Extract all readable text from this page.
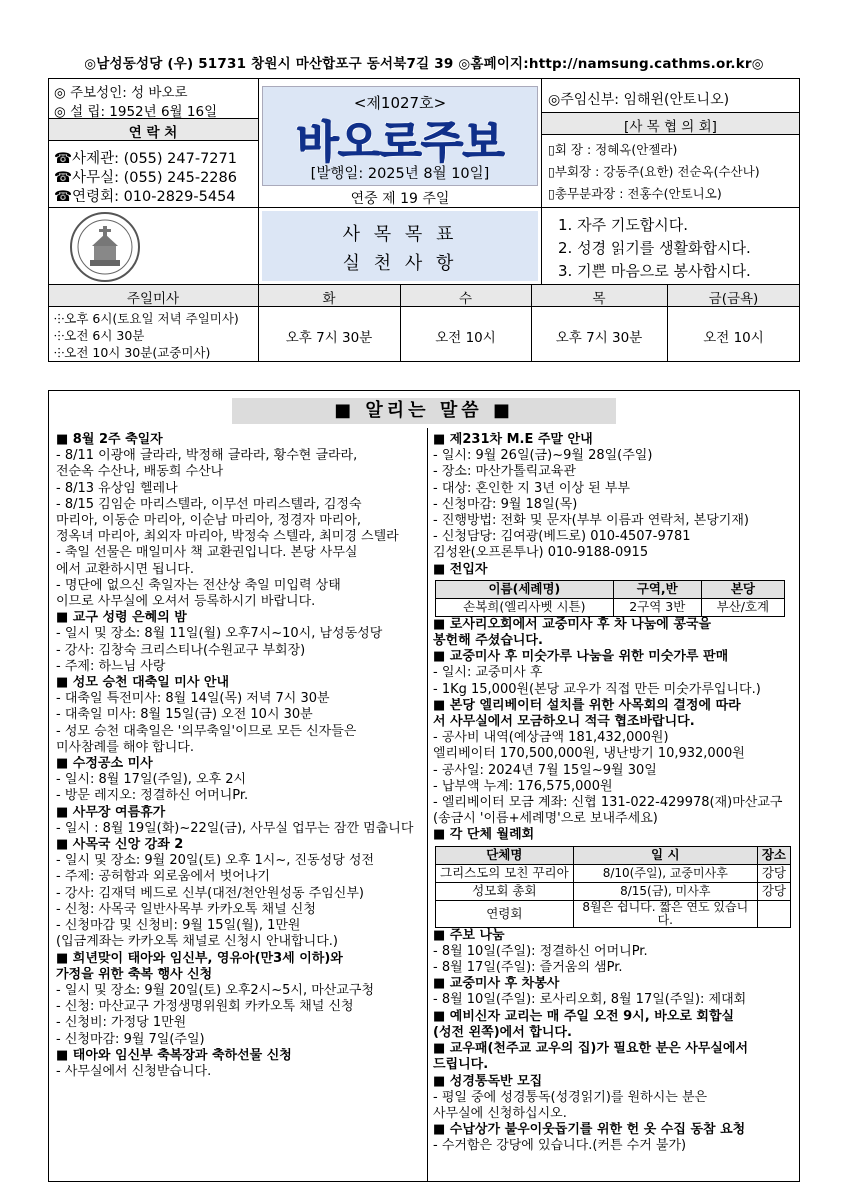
◎남성동성당 (우) 51731 창원시 마산합포구 동서북7길 39 ◎홈페이지:http://namsung.cathms.or.kr◎
◎ 주보성인: 성 바오로
◎ 설 립: 1952년 6월 16일
연 락 처
☎사제관: (055) 247-7271
☎사무실: (055) 245-2286
☎연령회: 010-2829-5454
<제1027호>
바오로주보
[발행일: 2025년 8월 10일]
연중 제 19 주일
◎주임신부: 임해윈(안토니오)
[사 목 협 의 회]
▯회 장 : 정혜옥(안젤라)
▯부회장 : 강동주(요한) 전순옥(수산나)
▯총무분과장 : 전홍수(안토니오)
사 목 목 표
실 천 사 항
1. 자주 기도합시다.
2. 성경 읽기를 생활화합시다.
3. 기쁜 마음으로 봉사합시다.
주일미사	화	수	목	금(금욕)
⸭오후 6시(토요일 저녁 주일미사)
⸭오전 6시 30분
⸭오전 10시 30분(교중미사)
오후 7시 30분	오전 10시	오후 7시 30분	오전 10시
■ 알리는 말씀 ■
■ 8월 2주 축일자
- 8/11 이광애 글라라, 박정해 글라라, 황수현 글라라,
전순옥 수산나, 배동희 수산나
- 8/13 유상임 헬레나
- 8/15 김임순 마리스텔라, 이무선 마리스텔라, 김정숙
마리아, 이동순 마리아, 이순남 마리아, 정경자 마리아,
정옥녀 마리아, 최외자 마리아, 박정숙 스텔라, 최미경 스텔라
- 축일 선물은 매일미사 책 교환권입니다. 본당 사무실
에서 교환하시면 됩니다.
- 명단에 없으신 축일자는 전산상 축일 미입력 상태
이므로 사무실에 오셔서 등록하시기 바랍니다.
■ 교구 성령 은혜의 밤
- 일시 및 장소: 8월 11일(월) 오후7시~10시, 남성동성당
- 강사: 김창숙 크리스티나(수원교구 부회장)
- 주제: 하느님 사랑
■ 성모 승천 대축일 미사 안내
- 대축일 특전미사: 8월 14일(목) 저녁 7시 30분
- 대축일 미사: 8월 15일(금) 오전 10시 30분
- 성모 승천 대축일은 '의무축일'이므로 모든 신자들은
미사참례를 해야 합니다.
■ 수정공소 미사
- 일시: 8월 17일(주일), 오후 2시
- 방문 레지오: 정결하신 어머니Pr.
■ 사무장 여름휴가
- 일시 : 8월 19일(화)~22일(금), 사무실 업무는 잠깐 멈춥니다
■ 사목국 신앙 강좌 2
- 일시 및 장소: 9월 20일(토) 오후 1시~, 진동성당 성전
- 주제: 공허함과 외로움에서 벗어나기
- 강사: 김재덕 베드로 신부(대전/천안원성동 주임신부)
- 신청: 사목국 일반사목부 카카오톡 채널 신청
- 신청마감 및 신청비: 9월 15일(월), 1만원
(입금계좌는 카카오톡 채널로 신청시 안내합니다.)
■ 희년맞이 태아와 임신부, 영유아(만3세 이하)와
가정을 위한 축복 행사 신청
- 일시 및 장소: 9월 20일(토) 오후2시~5시, 마산교구청
- 신청: 마산교구 가정생명위원회 카카오톡 채널 신청
- 신청비: 가정당 1만원
- 신청마감: 9월 7일(주일)
■ 태아와 임신부 축복장과 축하선물 신청
- 사무실에서 신청받습니다.
■ 제231차 M.E 주말 안내
- 일시: 9월 26일(금)~9월 28일(주일)
- 장소: 마산가톨릭교육관
- 대상: 혼인한 지 3년 이상 된 부부
- 신청마감: 9월 18일(목)
- 진행방법: 전화 및 문자(부부 이름과 연락처, 본당기재)
- 신청담당: 김여광(베드로) 010-4507-9781
김성완(오프론투나) 010-9188-0915
■ 전입자
이름(세례명)	구역,반	본당
손복희(엘리사벳 시튼)	2구역 3반	부산/호계
■ 로사리오회에서 교중미사 후 차 나눔에 콩국을
봉헌해 주셨습니다.
■ 교중미사 후 미숫가루 나눔을 위한 미숫가루 판매
- 일시: 교중미사 후
- 1Kg 15,000원(본당 교우가 직접 만든 미숫가루입니다.)
■ 본당 엘리베이터 설치를 위한 사목회의 결정에 따라
서 사무실에서 모금하오니 적극 협조바랍니다.
- 공사비 내역(예상금액 181,432,000원)
엘리베이터 170,500,000원, 냉난방기 10,932,000원
- 공사일: 2024년 7월 15일~9월 30일
- 납부액 누계: 176,575,000원
- 엘리베이터 모금 계좌: 신협 131-022-429978(재)마산교구
(송금시 '이름+세례명'으로 보내주세요)
■ 각 단체 월례회
단체명	일 시	장소
그리스도의 모친 꾸리아	8/10(주일), 교중미사후	강당
성모회 총회	8/15(금), 미사후	강당
연령회	8월은 쉽니다. 짧은 연도 있습니다.	
■ 주보 나눔
- 8월 10일(주일): 정결하신 어머니Pr.
- 8월 17일(주일): 즐거움의 샘Pr.
■ 교중미사 후 차봉사
- 8월 10일(주일): 로사리오회, 8월 17일(주일): 제대회
■ 예비신자 교리는 매 주일 오전 9시, 바오로 회합실
(성전 왼쪽)에서 합니다.
■ 교우패(천주교 교우의 집)가 필요한 분은 사무실에서
드립니다.
■ 성경통독반 모집
- 평일 중에 성경통독(성경읽기)를 원하시는 분은
사무실에 신청하십시오.
■ 수납상가 불우이웃돕기를 위한 헌 옷 수집 동참 요청
- 수거함은 강당에 있습니다.(커튼 수거 불가)
